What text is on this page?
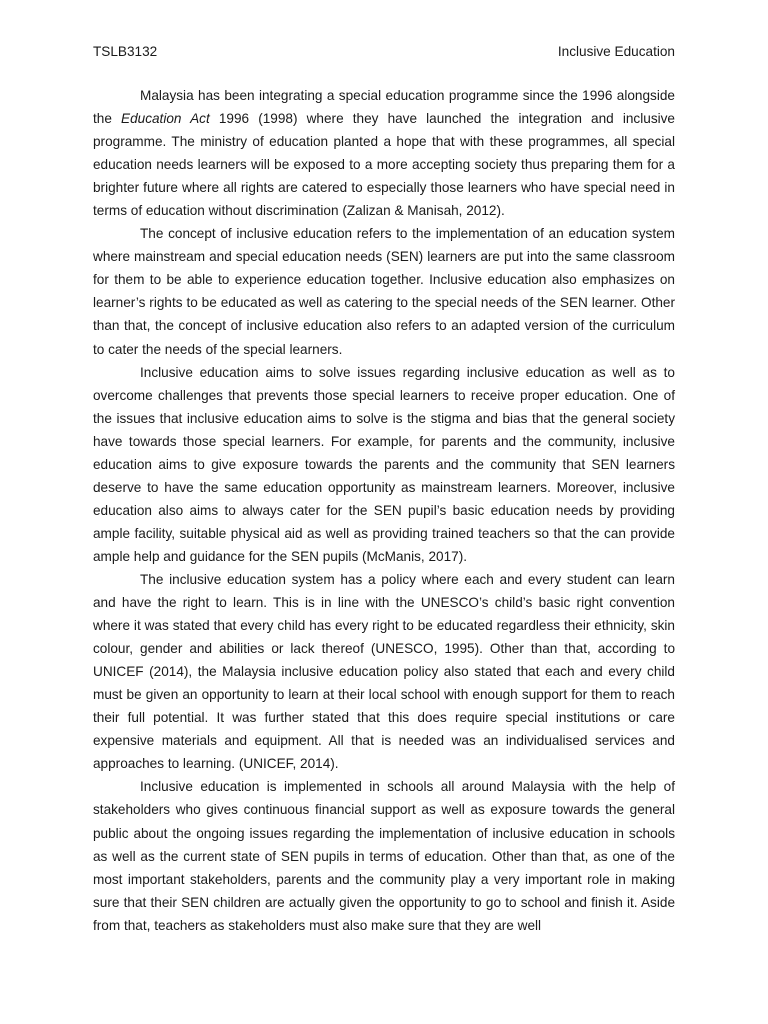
TSLB3132	Inclusive Education

Malaysia has been integrating a special education programme since the 1996 alongside the Education Act 1996 (1998) where they have launched the integration and inclusive programme. The ministry of education planted a hope that with these programmes, all special education needs learners will be exposed to a more accepting society thus preparing them for a brighter future where all rights are catered to especially those learners who have special need in terms of education without discrimination (Zalizan & Manisah, 2012).

The concept of inclusive education refers to the implementation of an education system where mainstream and special education needs (SEN) learners are put into the same classroom for them to be able to experience education together. Inclusive education also emphasizes on learner’s rights to be educated as well as catering to the special needs of the SEN learner. Other than that, the concept of inclusive education also refers to an adapted version of the curriculum to cater the needs of the special learners.

Inclusive education aims to solve issues regarding inclusive education as well as to overcome challenges that prevents those special learners to receive proper education. One of the issues that inclusive education aims to solve is the stigma and bias that the general society have towards those special learners. For example, for parents and the community, inclusive education aims to give exposure towards the parents and the community that SEN learners deserve to have the same education opportunity as mainstream learners. Moreover, inclusive education also aims to always cater for the SEN pupil’s basic education needs by providing ample facility, suitable physical aid as well as providing trained teachers so that the can provide ample help and guidance for the SEN pupils (McManis, 2017).

The inclusive education system has a policy where each and every student can learn and have the right to learn. This is in line with the UNESCO’s child’s basic right convention where it was stated that every child has every right to be educated regardless their ethnicity, skin colour, gender and abilities or lack thereof (UNESCO, 1995). Other than that, according to UNICEF (2014), the Malaysia inclusive education policy also stated that each and every child must be given an opportunity to learn at their local school with enough support for them to reach their full potential. It was further stated that this does require special institutions or care expensive materials and equipment. All that is needed was an individualised services and approaches to learning. (UNICEF, 2014).

Inclusive education is implemented in schools all around Malaysia with the help of stakeholders who gives continuous financial support as well as exposure towards the general public about the ongoing issues regarding the implementation of inclusive education in schools as well as the current state of SEN pupils in terms of education. Other than that, as one of the most important stakeholders, parents and the community play a very important role in making sure that their SEN children are actually given the opportunity to go to school and finish it. Aside from that, teachers as stakeholders must also make sure that they are well
